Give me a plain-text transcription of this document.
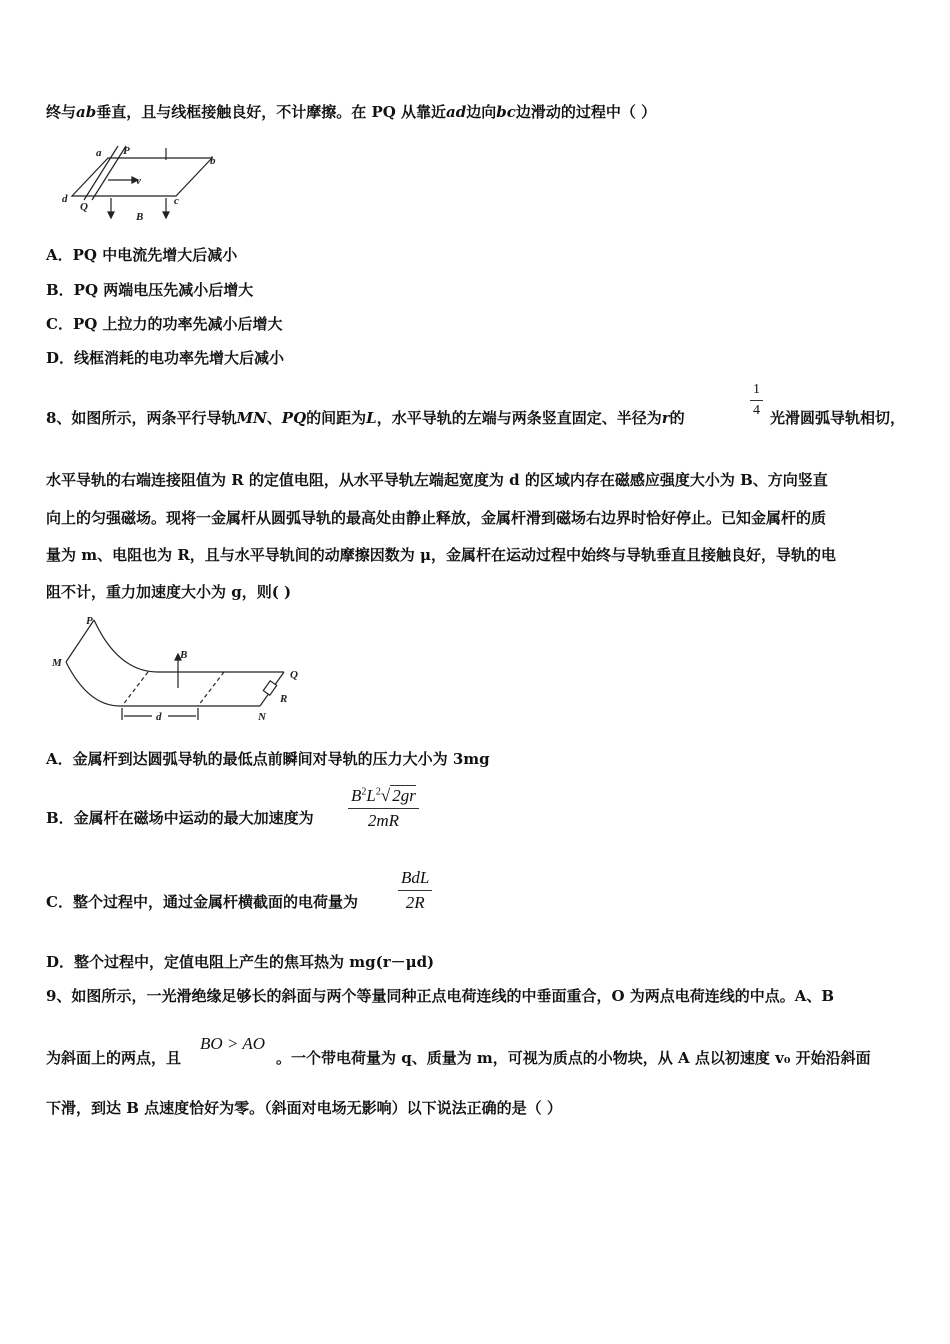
终与ab垂直，且与线框接触良好，不计摩擦。在 PQ 从靠近ad边向bc边滑动的过程中（ ）
a P
b
v
d
Q
B
c
A．PQ 中电流先增大后减小
B．PQ 两端电压先减小后增大
C．PQ 上拉力的功率先减小后增大
D．线框消耗的电功率先增大后减小
8、如图所示，两条平行导轨MN、PQ的间距为L，水平导轨的左端与两条竖直固定、半径为r的	$\frac{1}{4}$ 光滑圆弧导轨相切，
水平导轨的右端连接阻值为 R 的定值电阻，从水平导轨左端起宽度为 d 的区域内存在磁感应强度大小为 B、方向竖直
向上的匀强磁场。现将一金属杆从圆弧导轨的最高处由静止释放，金属杆滑到磁场右边界时恰好停止。已知金属杆的质
量为 m、电阻也为 R，且与水平导轨间的动摩擦因数为 μ，金属杆在运动过程中始终与导轨垂直且接触良好，导轨的电
阻不计，重力加速度大小为 g，则( )
P
M
B
Q
R
d	N
A．金属杆到达圆弧导轨的最低点前瞬间对导轨的压力大小为 3mg
B．金属杆在磁场中运动的最大加速度为 $\frac{B^2L^2√ 2gr}{2mR}$
C．整个过程中，通过金属杆横截面的电荷量为
BdL
2R
D．整个过程中，定值电阻上产生的焦耳热为 mg(r－μd)
9、如图所示，一光滑绝缘足够长的斜面与两个等量同种正点电荷连线的中垂面重合，O 为两点电荷连线的中点。A、B
为斜面上的两点，且
BO > AO
。一个带电荷量为 q、质量为 m，可视为质点的小物块，从 A 点以初速度 v₀ 开始沿斜面
下滑，到达 B 点速度恰好为零。（斜面对电场无影响）以下说法正确的是（ ）
